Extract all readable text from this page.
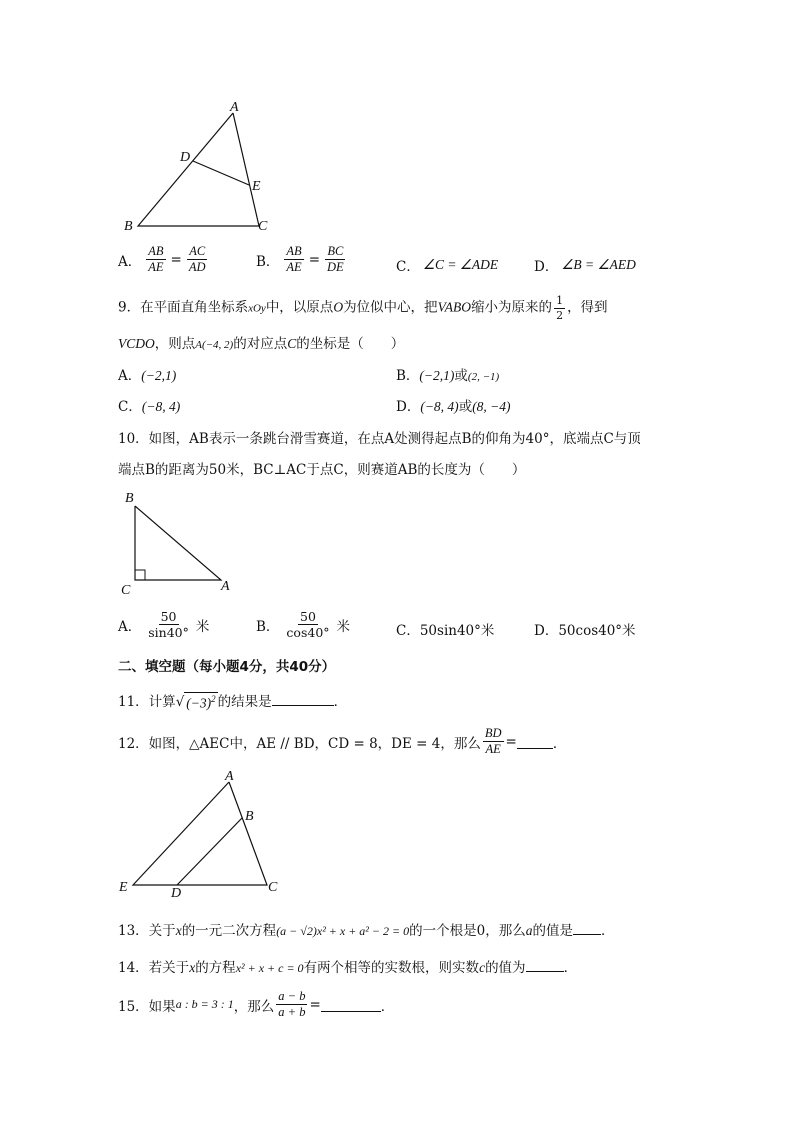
A
D
E
B	C
A． $\frac{AB}{AE} = \frac{AC}{AD}$	B． $\frac{AB}{AE} = \frac{BC}{DE}$	C． ∠C = ∠ADE	D． ∠B = ∠AED
9．在平面直角坐标系xOy中，以原点O为位似中心，把VABO缩小为原来的 $\frac{1}{2}$ ，得到
VCDO，则点A(−4, 2)的对应点C的坐标是（　　）
A．(−2,1)	B．(−2,1)或(2, −1)
C．(−8, 4)	D．(−8, 4)或(8, −4)
10．如图，AB表示一条跳台滑雪赛道，在点A处测得起点B的仰角为40°，底端点C与顶
端点B的距离为50米，BC⊥AC于点C，则赛道AB的长度为（　　）
B
C	A
A． $\frac{50}{\sin 40^\circ}$ 米	B． $\frac{50}{\cos 40^\circ}$ 米	C．50sin40°米	D．50cos40°米
二、填空题（每小题4分，共40分）
11．计算 √ $(-3)^2$ 的结果是	．
12．如图，△AEC中，AE // BD，CD = 8，DE = 4，那么 $\frac{BD}{AE}$ =	．
A
B
E	D	C
13．关于x的一元二次方程(a − √2)x² + x + a² − 2 = 0的一个根是0，那么a的值是 ．
14．若关于x的方程x² + x + c = 0有两个相等的实数根，则实数c的值为	．
15．如果 a : b = 3 : 1 ，那么 $\frac{a - b}{a + b}$ =	．
